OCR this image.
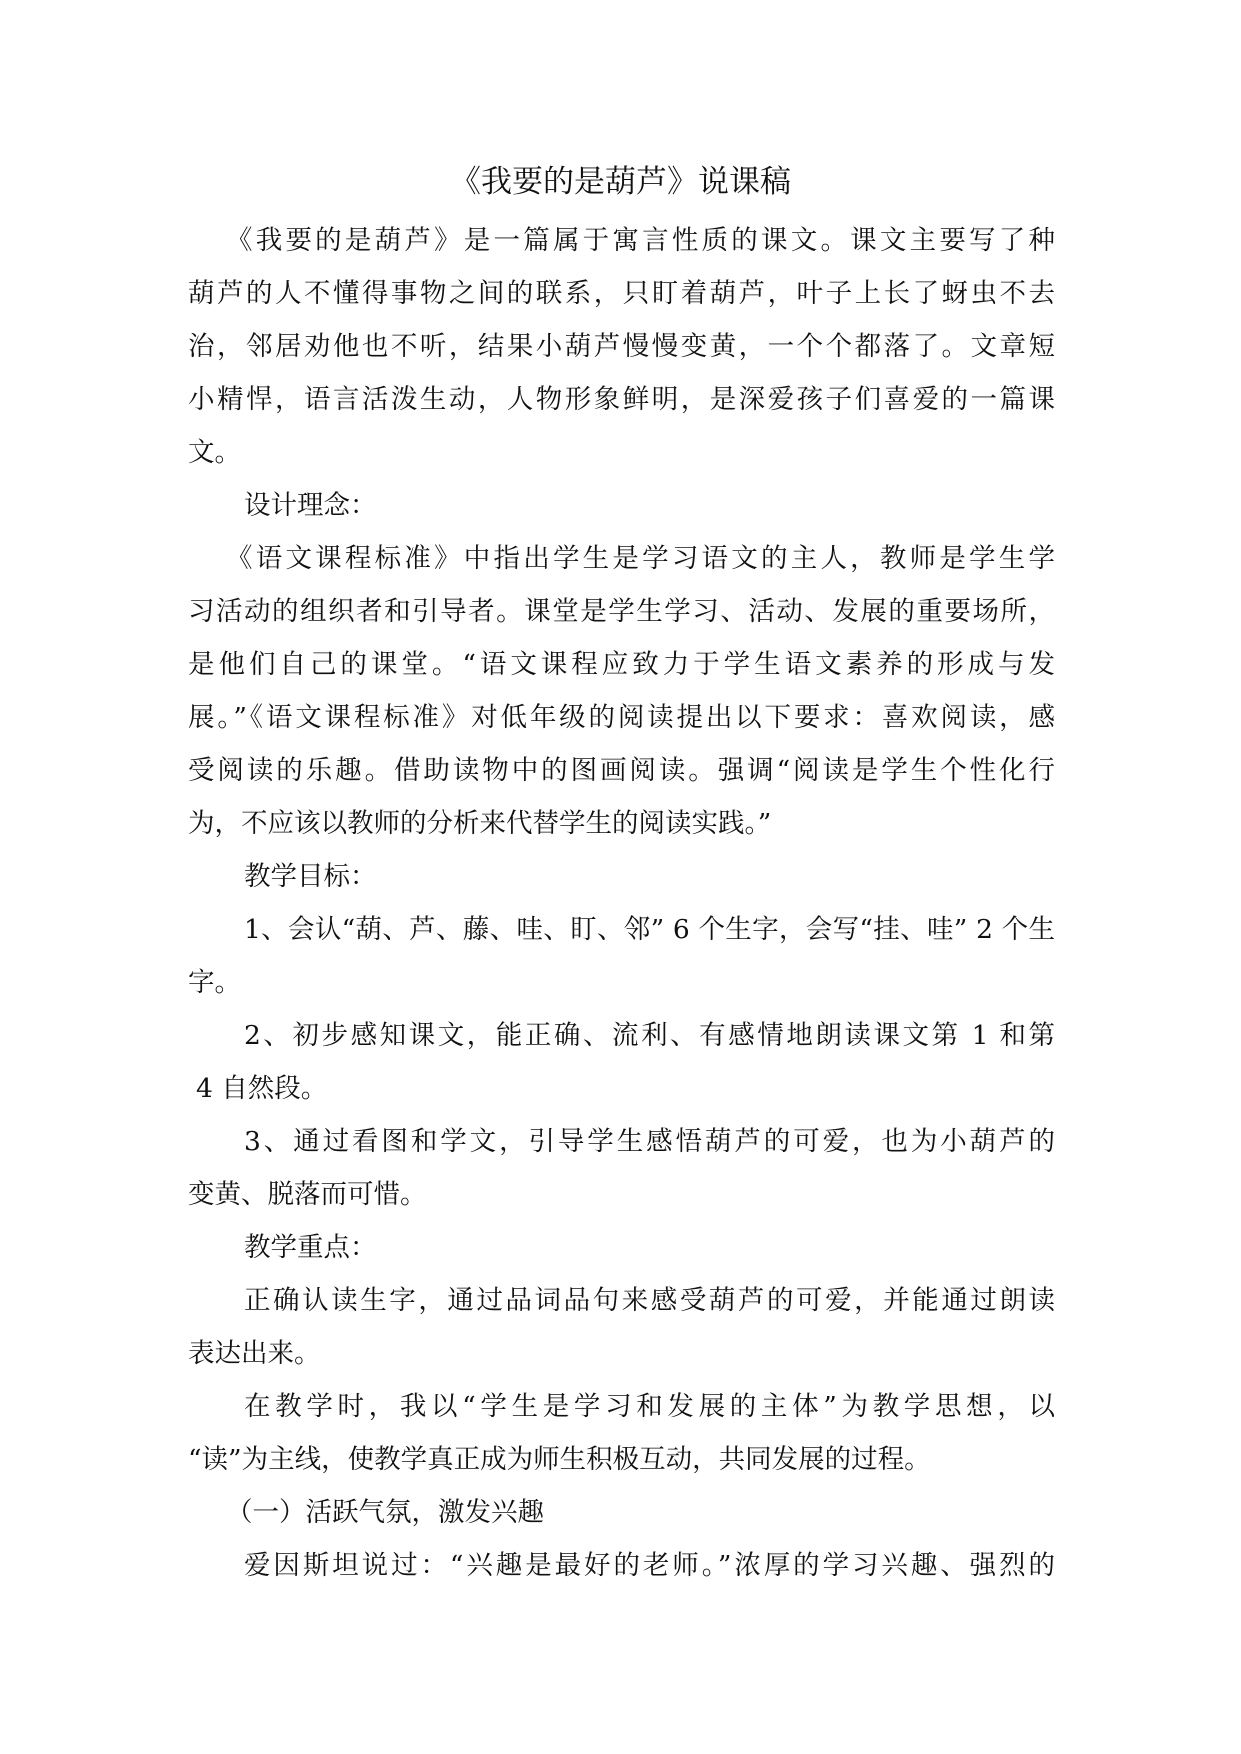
《我要的是葫芦》说课稿
《我要的是葫芦》是一篇属于寓言性质的课文。课文主要写了种
葫芦的人不懂得事物之间的联系，只盯着葫芦，叶子上长了蚜虫不去
治，邻居劝他也不听，结果小葫芦慢慢变黄，一个个都落了。文章短
小精悍，语言活泼生动，人物形象鲜明，是深爱孩子们喜爱的一篇课
文。
设计理念：
《语文课程标准》中指出学生是学习语文的主人，教师是学生学
习活动的组织者和引导者。课堂是学生学习、活动、发展的重要场所，
是他们自己的课堂。“语文课程应致力于学生语文素养的形成与发
展。”《语文课程标准》对低年级的阅读提出以下要求：喜欢阅读，感
受阅读的乐趣。借助读物中的图画阅读。强调“阅读是学生个性化行
为，不应该以教师的分析来代替学生的阅读实践。”
教学目标：
1、会认“葫、芦、藤、哇、盯、邻” 6 个生字，会写“挂、哇” 2 个生
字。
2、初步感知课文，能正确、流利、有感情地朗读课文第 1 和第
4 自然段。
3、通过看图和学文，引导学生感悟葫芦的可爱，也为小葫芦的
变黄、脱落而可惜。
教学重点：
正确认读生字，通过品词品句来感受葫芦的可爱，并能通过朗读
表达出来。
在教学时，我以“学生是学习和发展的主体”为教学思想，以
“读”为主线，使教学真正成为师生积极互动，共同发展的过程。
（一）活跃气氛，激发兴趣
爱因斯坦说过：“兴趣是最好的老师。”浓厚的学习兴趣、强烈的
